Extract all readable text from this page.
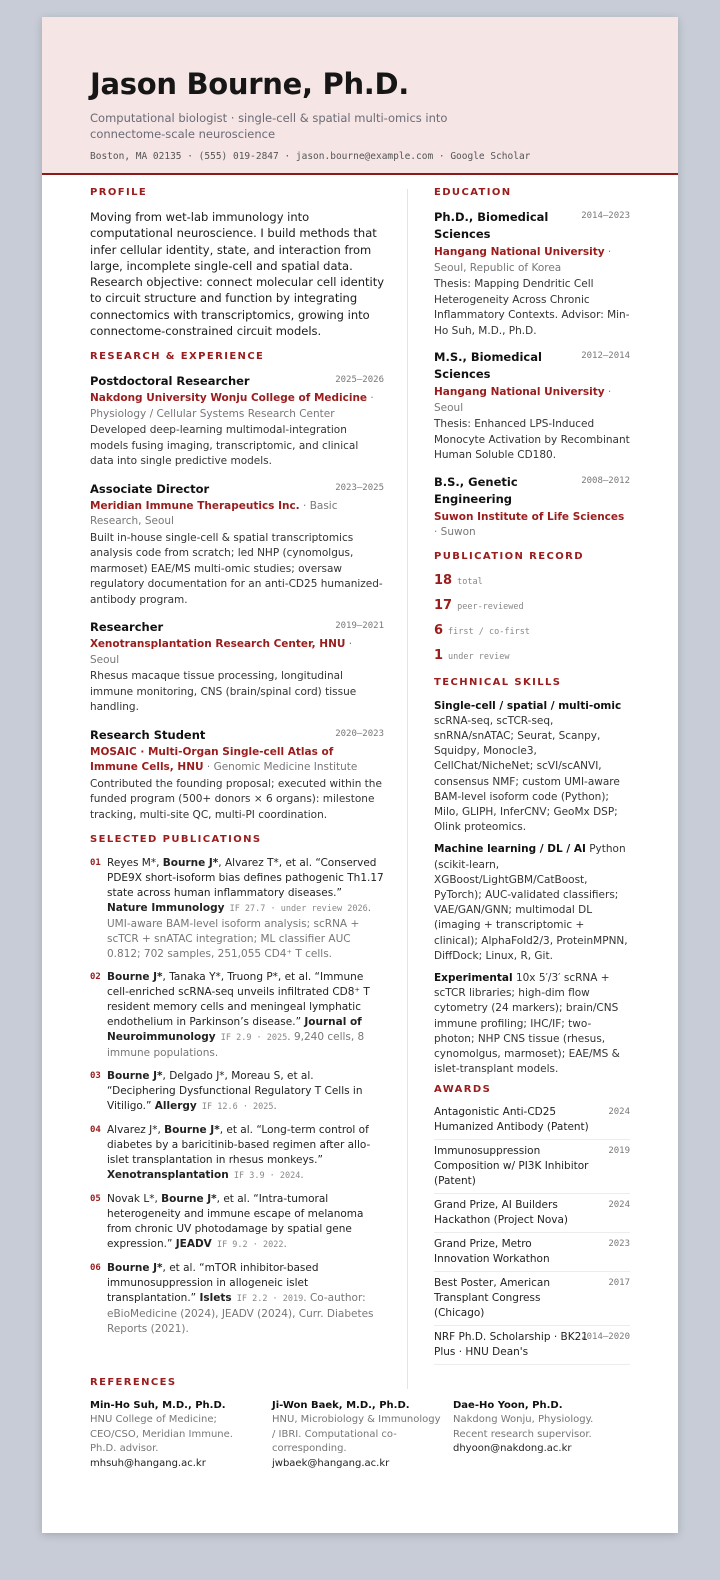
Jason Bourne, Ph.D.
Computational biologist · single-cell & spatial multi-omics into connectome-scale neuroscience
Boston, MA 02135 · (555) 019-2847 · jason.bourne@example.com · Google Scholar
PROFILE
Moving from wet-lab immunology into computational neuroscience. I build methods that infer cellular identity, state, and interaction from large, incomplete single-cell and spatial data. Research objective: connect molecular cell identity to circuit structure and function by integrating connectomics with transcriptomics, growing into connectome-constrained circuit models.
RESEARCH & EXPERIENCE
Postdoctoral Researcher	2025–2026
Nakdong University Wonju College of Medicine · Physiology / Cellular Systems Research Center
Developed deep-learning multimodal-integration models fusing imaging, transcriptomic, and clinical data into single predictive models.
Associate Director	2023–2025
Meridian Immune Therapeutics Inc. · Basic Research, Seoul
Built in-house single-cell & spatial transcriptomics analysis code from scratch; led NHP (cynomolgus, marmoset) EAE/MS multi-omic studies; oversaw regulatory documentation for an anti-CD25 humanized-antibody program.
Researcher	2019–2021
Xenotransplantation Research Center, HNU · Seoul
Rhesus macaque tissue processing, longitudinal immune monitoring, CNS (brain/spinal cord) tissue handling.
Research Student	2020–2023
MOSAIC · Multi-Organ Single-cell Atlas of Immune Cells, HNU · Genomic Medicine Institute
Contributed the founding proposal; executed within the funded program (500+ donors × 6 organs): milestone tracking, multi-site QC, multi-PI coordination.
SELECTED PUBLICATIONS
01 Reyes M*, Bourne J*, Alvarez T*, et al. “Conserved PDE9X short-isoform bias defines pathogenic Th1.17 state across human inflammatory diseases.” Nature Immunology IF 27.7 · under review 2026. UMI-aware BAM-level isoform analysis; scRNA + scTCR + snATAC integration; ML classifier AUC 0.812; 702 samples, 251,055 CD4⁺ T cells.
02 Bourne J*, Tanaka Y*, Truong P*, et al. “Immune cell-enriched scRNA-seq unveils infiltrated CD8⁺ T resident memory cells and meningeal lymphatic endothelium in Parkinson’s disease.” Journal of Neuroimmunology IF 2.9 · 2025. 9,240 cells, 8 immune populations.
03 Bourne J*, Delgado J*, Moreau S, et al. “Deciphering Dysfunctional Regulatory T Cells in Vitiligo.” Allergy IF 12.6 · 2025.
04 Alvarez J*, Bourne J*, et al. “Long-term control of diabetes by a baricitinib-based regimen after allo-islet transplantation in rhesus monkeys.” Xenotransplantation IF 3.9 · 2024.
05 Novak L*, Bourne J*, et al. “Intra-tumoral heterogeneity and immune escape of melanoma from chronic UV photodamage by spatial gene expression.” JEADV IF 9.2 · 2022.
06 Bourne J*, et al. “mTOR inhibitor-based immunosuppression in allogeneic islet transplantation.” Islets IF 2.2 · 2019. Co-author: eBioMedicine (2024), JEADV (2024), Curr. Diabetes Reports (2021).
EDUCATION
Ph.D., Biomedical Sciences
2014–2023
Hangang National University · Seoul, Republic of Korea
Thesis: Mapping Dendritic Cell Heterogeneity Across Chronic Inflammatory Contexts. Advisor: Min-Ho Suh, M.D., Ph.D.
M.S., Biomedical Sciences
2012–2014
Hangang National University · Seoul
Thesis: Enhanced LPS-Induced Monocyte Activation by Recombinant Human Soluble CD180.
B.S., Genetic Engineering
2008–2012
Suwon Institute of Life Sciences · Suwon
PUBLICATION RECORD
18 total
17 peer-reviewed
6 first / co-first
1 under review
TECHNICAL SKILLS
Single-cell / spatial / multi-omic scRNA-seq, scTCR-seq, snRNA/snATAC; Seurat, Scanpy, Squidpy, Monocle3, CellChat/NicheNet; scVI/scANVI, consensus NMF; custom UMI-aware BAM-level isoform code (Python); Milo, GLIPH, InferCNV; GeoMx DSP; Olink proteomics.
Machine learning / DL / AI Python (scikit-learn, XGBoost/LightGBM/CatBoost, PyTorch); AUC-validated classifiers; VAE/GAN/GNN; multimodal DL (imaging + transcriptomic + clinical); AlphaFold2/3, ProteinMPNN, DiffDock; Linux, R, Git.
Experimental 10x 5′/3′ scRNA + scTCR libraries; high-dim flow cytometry (24 markers); brain/CNS immune profiling; IHC/IF; two-photon; NHP CNS tissue (rhesus, cynomolgus, marmoset); EAE/MS & islet-transplant models.
AWARDS
Antagonistic Anti-CD25 Humanized Antibody (Patent)
2024
Immunosuppression Composition w/ PI3K Inhibitor (Patent)
2019
Grand Prize, AI Builders Hackathon (Project Nova)
2024
Grand Prize, Metro Innovation Workathon
2023
Best Poster, American Transplant Congress (Chicago)
2017
NRF Ph.D. Scholarship · BK21 Plus · HNU Dean's
2014–2020
REFERENCES
Min-Ho Suh, M.D., Ph.D.
HNU College of Medicine; CEO/CSO, Meridian Immune. Ph.D. advisor.
mhsuh@hangang.ac.kr
Ji-Won Baek, M.D., Ph.D.
HNU, Microbiology & Immunology / IBRI. Computational co-corresponding.
jwbaek@hangang.ac.kr
Dae-Ho Yoon, Ph.D.
Nakdong Wonju, Physiology. Recent research supervisor.
dhyoon@nakdong.ac.kr
